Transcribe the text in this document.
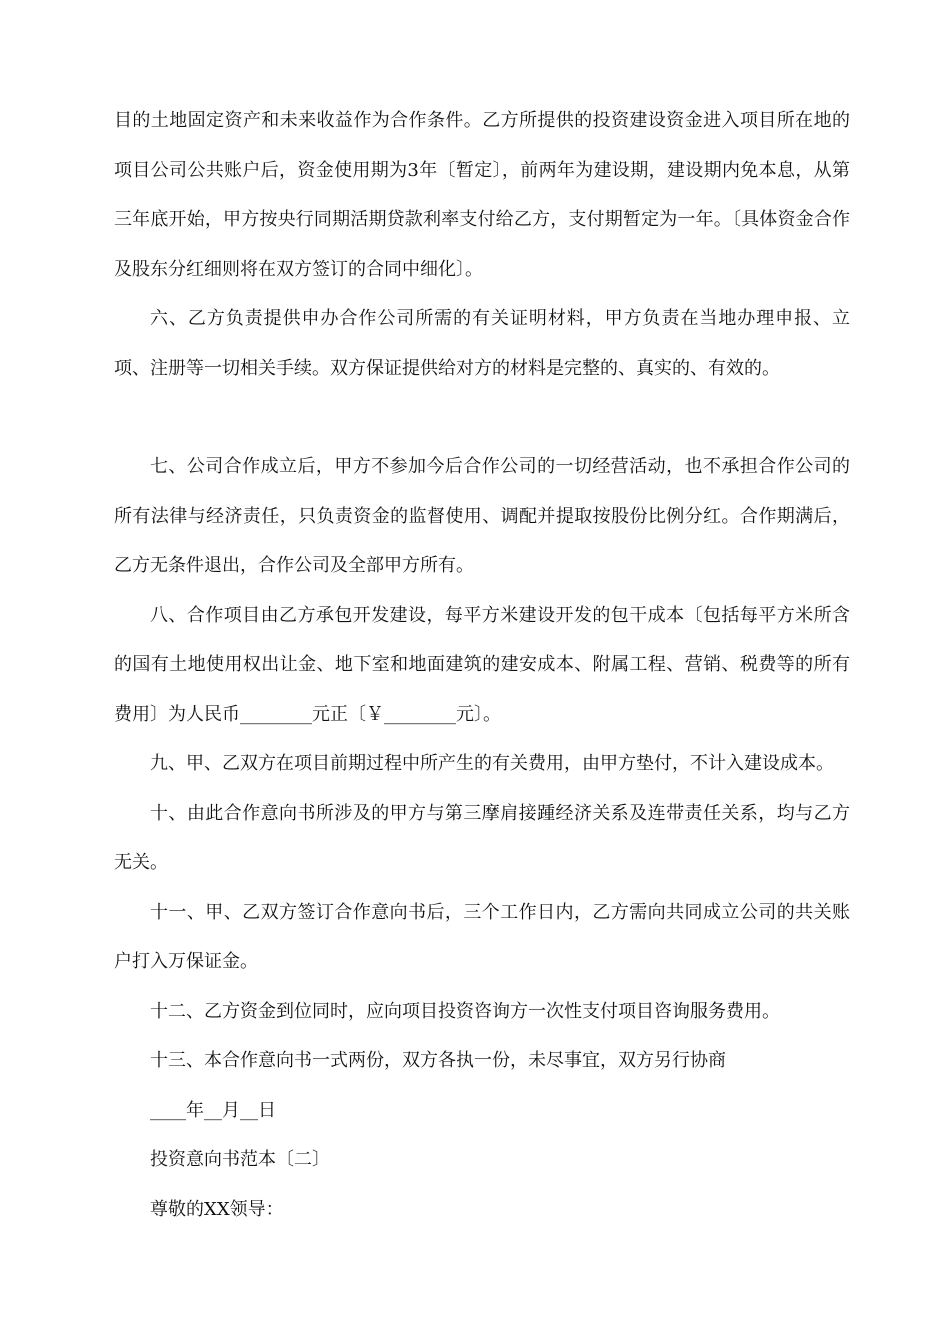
目的土地固定资产和未来收益作为合作条件。乙方所提供的投资建设资金进入项目所在地的项目公司公共账户后，资金使用期为3年〔暂定〕，前两年为建设期，建设期内免本息，从第三年底开始，甲方按央行同期活期贷款利率支付给乙方，支付期暂定为一年。〔具体资金合作及股东分红细则将在双方签订的合同中细化〕。

六、乙方负责提供申办合作公司所需的有关证明材料，甲方负责在当地办理申报、立项、注册等一切相关手续。双方保证提供给对方的材料是完整的、真实的、有效的。

七、公司合作成立后，甲方不参加今后合作公司的一切经营活动，也不承担合作公司的所有法律与经济责任，只负责资金的监督使用、调配并提取按股份比例分红。合作期满后，乙方无条件退出，合作公司及全部甲方所有。

八、合作项目由乙方承包开发建设，每平方米建设开发的包干成本〔包括每平方米所含的国有土地使用权出让金、地下室和地面建筑的建安成本、附属工程、营销、税费等的所有费用〕为人民币________元正〔￥________元〕。

九、甲、乙双方在项目前期过程中所产生的有关费用，由甲方垫付，不计入建设成本。

十、由此合作意向书所涉及的甲方与第三摩肩接踵经济关系及连带责任关系，均与乙方无关。

十一、甲、乙双方签订合作意向书后，三个工作日内，乙方需向共同成立公司的共关账户打入万保证金。

十二、乙方资金到位同时，应向项目投资咨询方一次性支付项目咨询服务费用。

十三、本合作意向书一式两份，双方各执一份，未尽事宜，双方另行协商

____年__月__日

投资意向书范本〔二〕

尊敬的XX领导：
